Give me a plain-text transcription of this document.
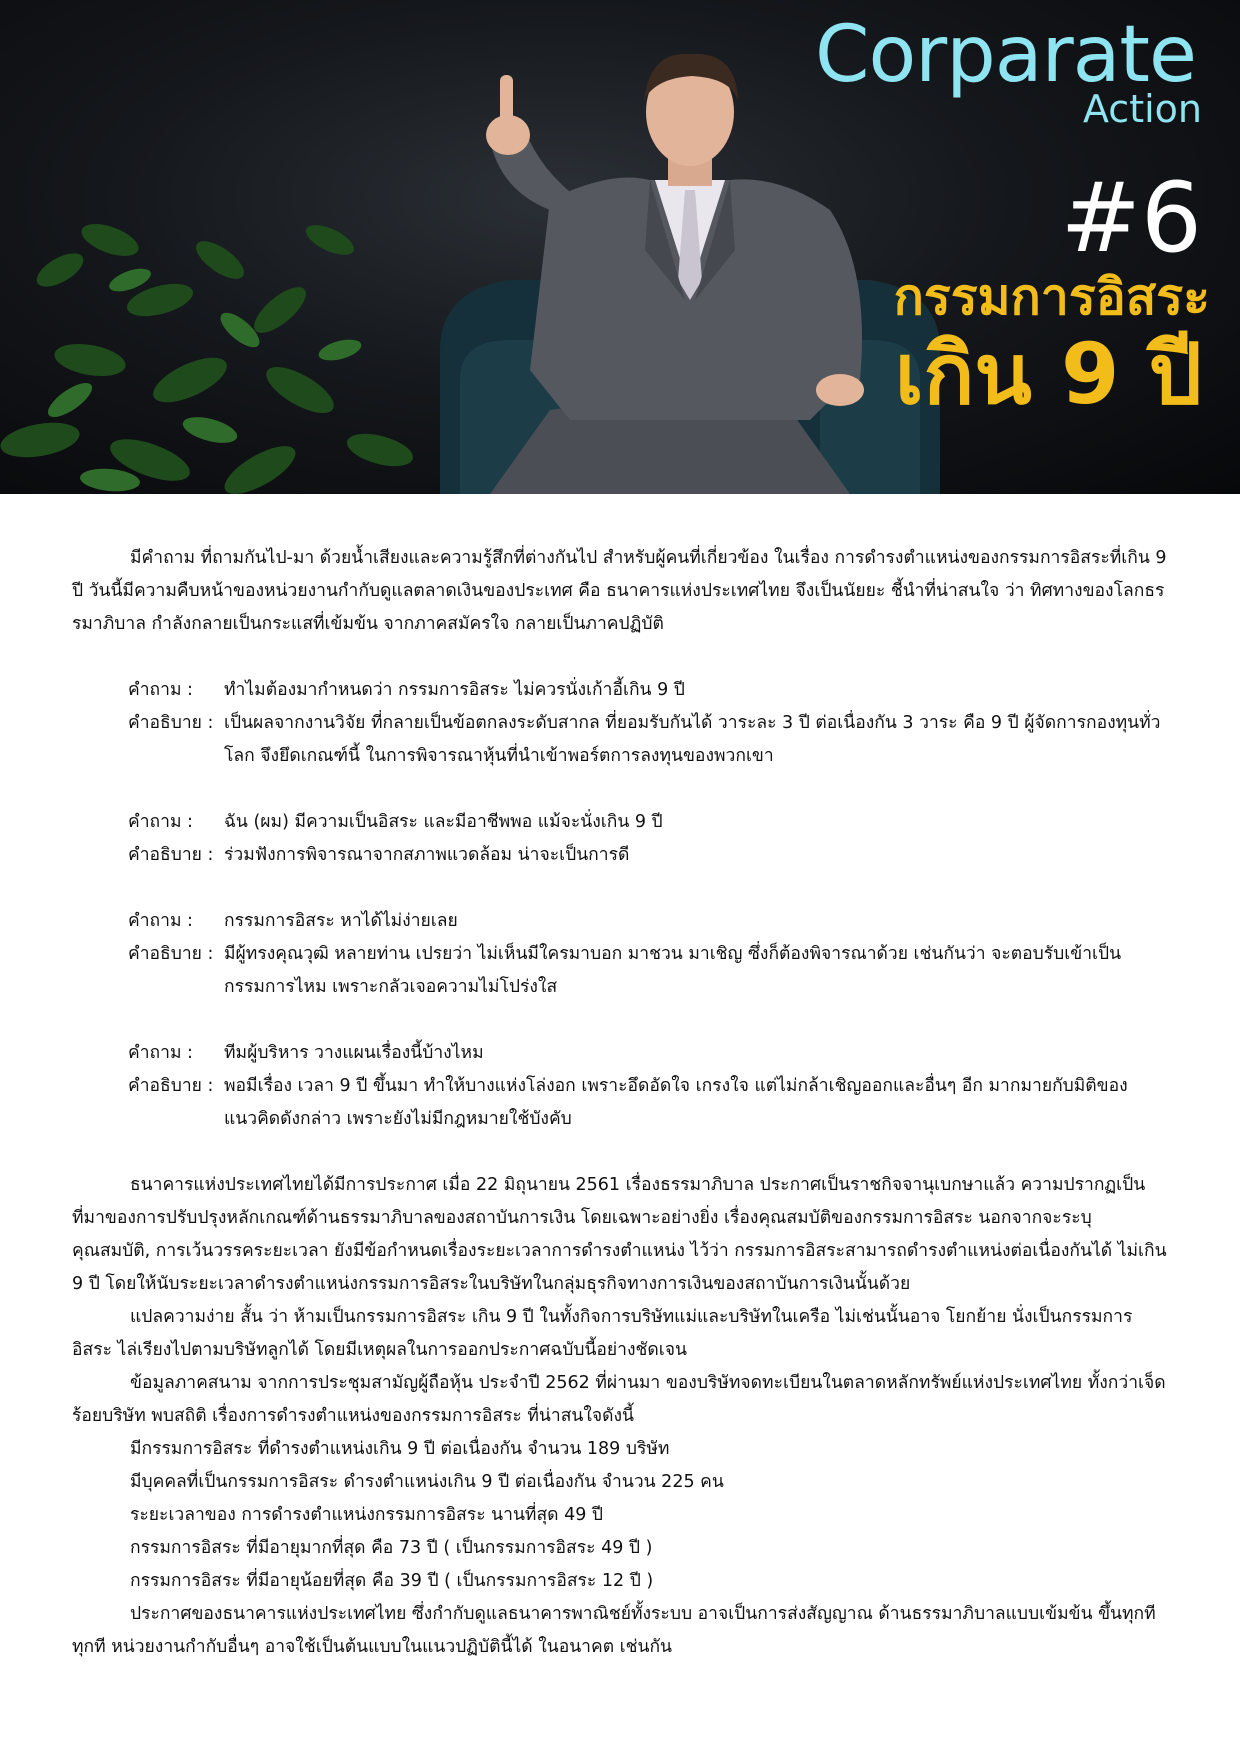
Corparate
Action
#6
กรรมการอิสระ
เกิน 9 ปี

มีคำถาม ที่ถามกันไป-มา ด้วยน้ำเสียงและความรู้สึกที่ต่างกันไป สำหรับผู้คนที่เกี่ยวข้อง ในเรื่อง การดำรงตำแหน่งของกรรมการอิสระที่เกิน 9 ปี วันนี้มีความคืบหน้าของหน่วยงานกำกับดูแลตลาดเงินของประเทศ คือ ธนาคารแห่งประเทศไทย จึงเป็นนัยยะ ชี้นำที่น่าสนใจ ว่า ทิศทางของโลกธรรมาภิบาล กำลังกลายเป็นกระแสที่เข้มข้น จากภาคสมัครใจ กลายเป็นภาคปฏิบัติ

คำถาม :	ทำไมต้องมากำหนดว่า กรรมการอิสระ ไม่ควรนั่งเก้าอี้เกิน 9 ปี
คำอธิบาย : เป็นผลจากงานวิจัย ที่กลายเป็นข้อตกลงระดับสากล ที่ยอมรับกันได้ วาระละ 3 ปี ต่อเนื่องกัน 3 วาระ คือ 9 ปี ผู้จัดการกองทุนทั่วโลก จึงยึดเกณฑ์นี้ ในการพิจารณาหุ้นที่นำเข้าพอร์ตการลงทุนของพวกเขา
คำถาม :	ฉัน (ผม) มีความเป็นอิสระ และมีอาชีพพอ แม้จะนั่งเกิน 9 ปี
คำอธิบาย : ร่วมฟังการพิจารณาจากสภาพแวดล้อม น่าจะเป็นการดี
คำถาม :	กรรมการอิสระ หาได้ไม่ง่ายเลย
คำอธิบาย : มีผู้ทรงคุณวุฒิ หลายท่าน เปรยว่า ไม่เห็นมีใครมาบอก มาชวน มาเชิญ ซึ่งก็ต้องพิจารณาด้วย เช่นกันว่า จะตอบรับเข้าเป็นกรรมการไหม เพราะกลัวเจอความไม่โปร่งใส
คำถาม :	ทีมผู้บริหาร วางแผนเรื่องนี้บ้างไหม
คำอธิบาย : พอมีเรื่อง เวลา 9 ปี ขึ้นมา ทำให้บางแห่งโล่งอก เพราะอึดอัดใจ เกรงใจ แต่ไม่กล้าเชิญออกและอื่นๆ อีก มากมายกับมิติของแนวคิดดังกล่าว เพราะยังไม่มีกฎหมายใช้บังคับ

ธนาคารแห่งประเทศไทยได้มีการประกาศ เมื่อ 22 มิถุนายน 2561 เรื่องธรรมาภิบาล ประกาศเป็นราชกิจจานุเบกษาแล้ว ความปรากฏเป็นที่มาของการปรับปรุงหลักเกณฑ์ด้านธรรมาภิบาลของสถาบันการเงิน โดยเฉพาะอย่างยิ่ง เรื่องคุณสมบัติของกรรมการอิสระ นอกจากจะระบุคุณสมบัติ, การเว้นวรรคระยะเวลา ยังมีข้อกำหนดเรื่องระยะเวลาการดำรงตำแหน่ง ไว้ว่า กรรมการอิสระสามารถดำรงตำแหน่งต่อเนื่องกันได้ ไม่เกิน 9 ปี โดยให้นับระยะเวลาดำรงตำแหน่งกรรมการอิสระในบริษัทในกลุ่มธุรกิจทางการเงินของสถาบันการเงินนั้นด้วย

แปลความง่าย สั้น ว่า ห้ามเป็นกรรมการอิสระ เกิน 9 ปี ในทั้งกิจการบริษัทแม่และบริษัทในเครือ ไม่เช่นนั้นอาจ โยกย้าย นั่งเป็นกรรมการอิสระ ไล่เรียงไปตามบริษัทลูกได้ โดยมีเหตุผลในการออกประกาศฉบับนี้อย่างชัดเจน

ข้อมูลภาคสนาม จากการประชุมสามัญผู้ถือหุ้น ประจำปี 2562 ที่ผ่านมา ของบริษัทจดทะเบียนในตลาดหลักทรัพย์แห่งประเทศไทย ทั้งกว่าเจ็ดร้อยบริษัท พบสถิติ เรื่องการดำรงตำแหน่งของกรรมการอิสระ ที่น่าสนใจดังนี้

มีกรรมการอิสระ ที่ดำรงตำแหน่งเกิน 9 ปี ต่อเนื่องกัน จำนวน 189 บริษัท

มีบุคคลที่เป็นกรรมการอิสระ ดำรงตำแหน่งเกิน 9 ปี ต่อเนื่องกัน จำนวน 225 คน

ระยะเวลาของ การดำรงตำแหน่งกรรมการอิสระ นานที่สุด 49 ปี

กรรมการอิสระ ที่มีอายุมากที่สุด คือ 73 ปี ( เป็นกรรมการอิสระ 49 ปี )

กรรมการอิสระ ที่มีอายุน้อยที่สุด คือ 39 ปี ( เป็นกรรมการอิสระ 12 ปี )

ประกาศของธนาคารแห่งประเทศไทย ซึ่งกำกับดูแลธนาคารพาณิชย์ทั้งระบบ อาจเป็นการส่งสัญญาณ ด้านธรรมาภิบาลแบบเข้มข้น ขึ้นทุกที ทุกที หน่วยงานกำกับอื่นๆ อาจใช้เป็นต้นแบบในแนวปฏิบัตินี้ได้ ในอนาคต เช่นกัน
